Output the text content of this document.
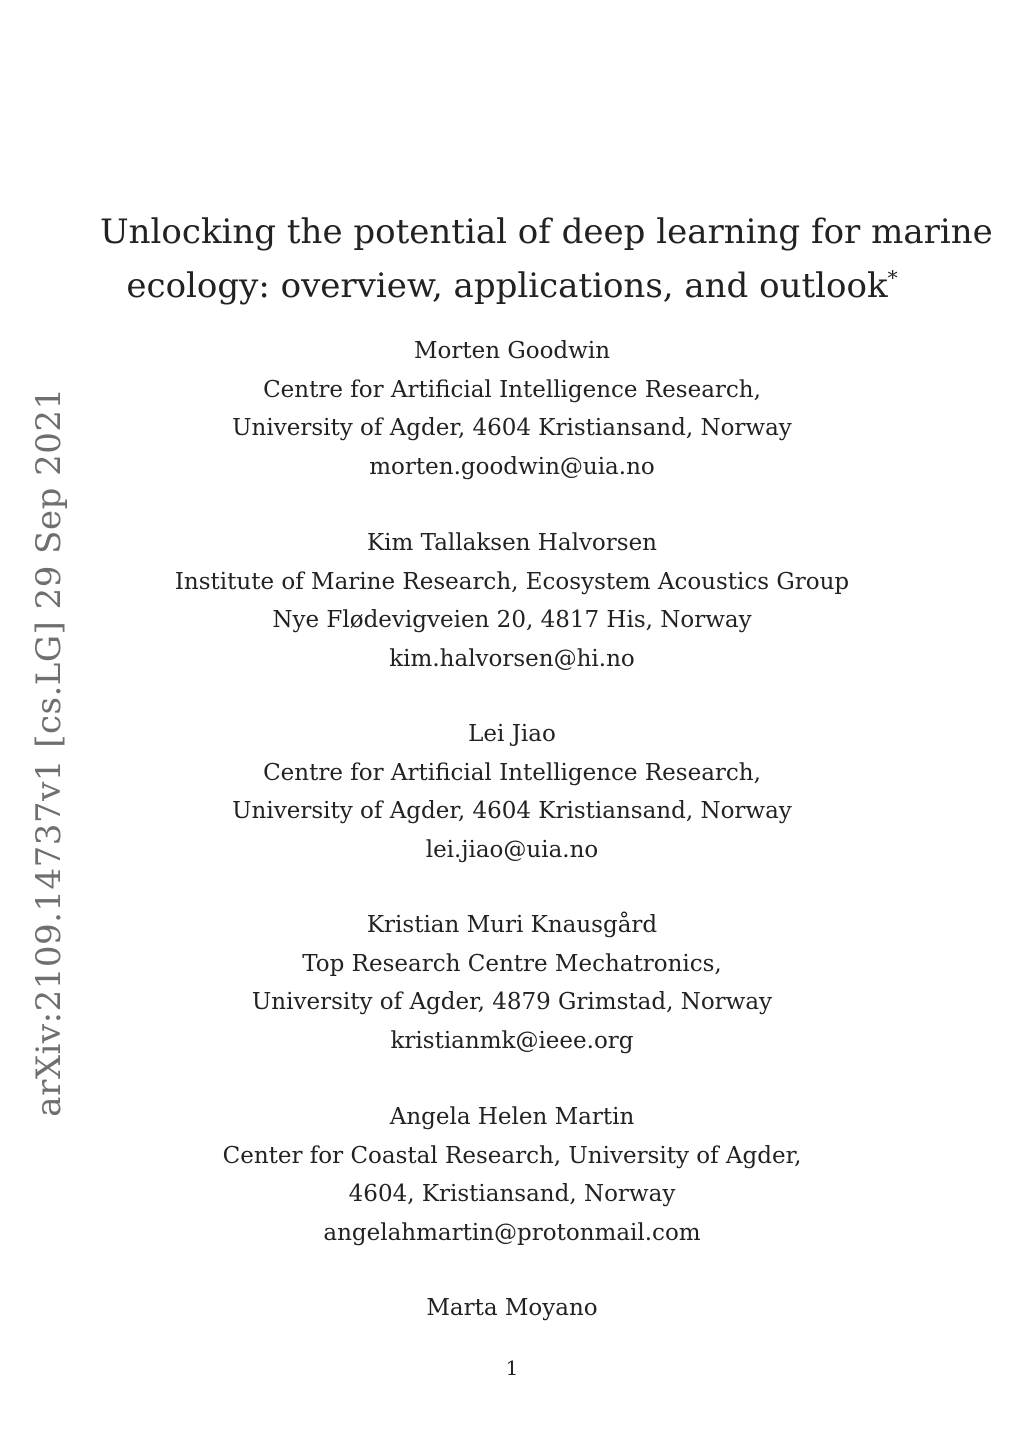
arXiv:2109.14737v1 [cs.LG] 29 Sep 2021
Unlocking the potential of deep learning for marine
ecology: overview, applications, and outlook*
Morten Goodwin
Centre for Artificial Intelligence Research,
University of Agder, 4604 Kristiansand, Norway
morten.goodwin@uia.no
Kim Tallaksen Halvorsen
Institute of Marine Research, Ecosystem Acoustics Group
Nye Flødevigveien 20, 4817 His, Norway
kim.halvorsen@hi.no
Lei Jiao
Centre for Artificial Intelligence Research,
University of Agder, 4604 Kristiansand, Norway
lei.jiao@uia.no
Kristian Muri Knausgård
Top Research Centre Mechatronics,
University of Agder, 4879 Grimstad, Norway
kristianmk@ieee.org
Angela Helen Martin
Center for Coastal Research, University of Agder,
4604, Kristiansand, Norway
angelahmartin@protonmail.com
Marta Moyano
1
